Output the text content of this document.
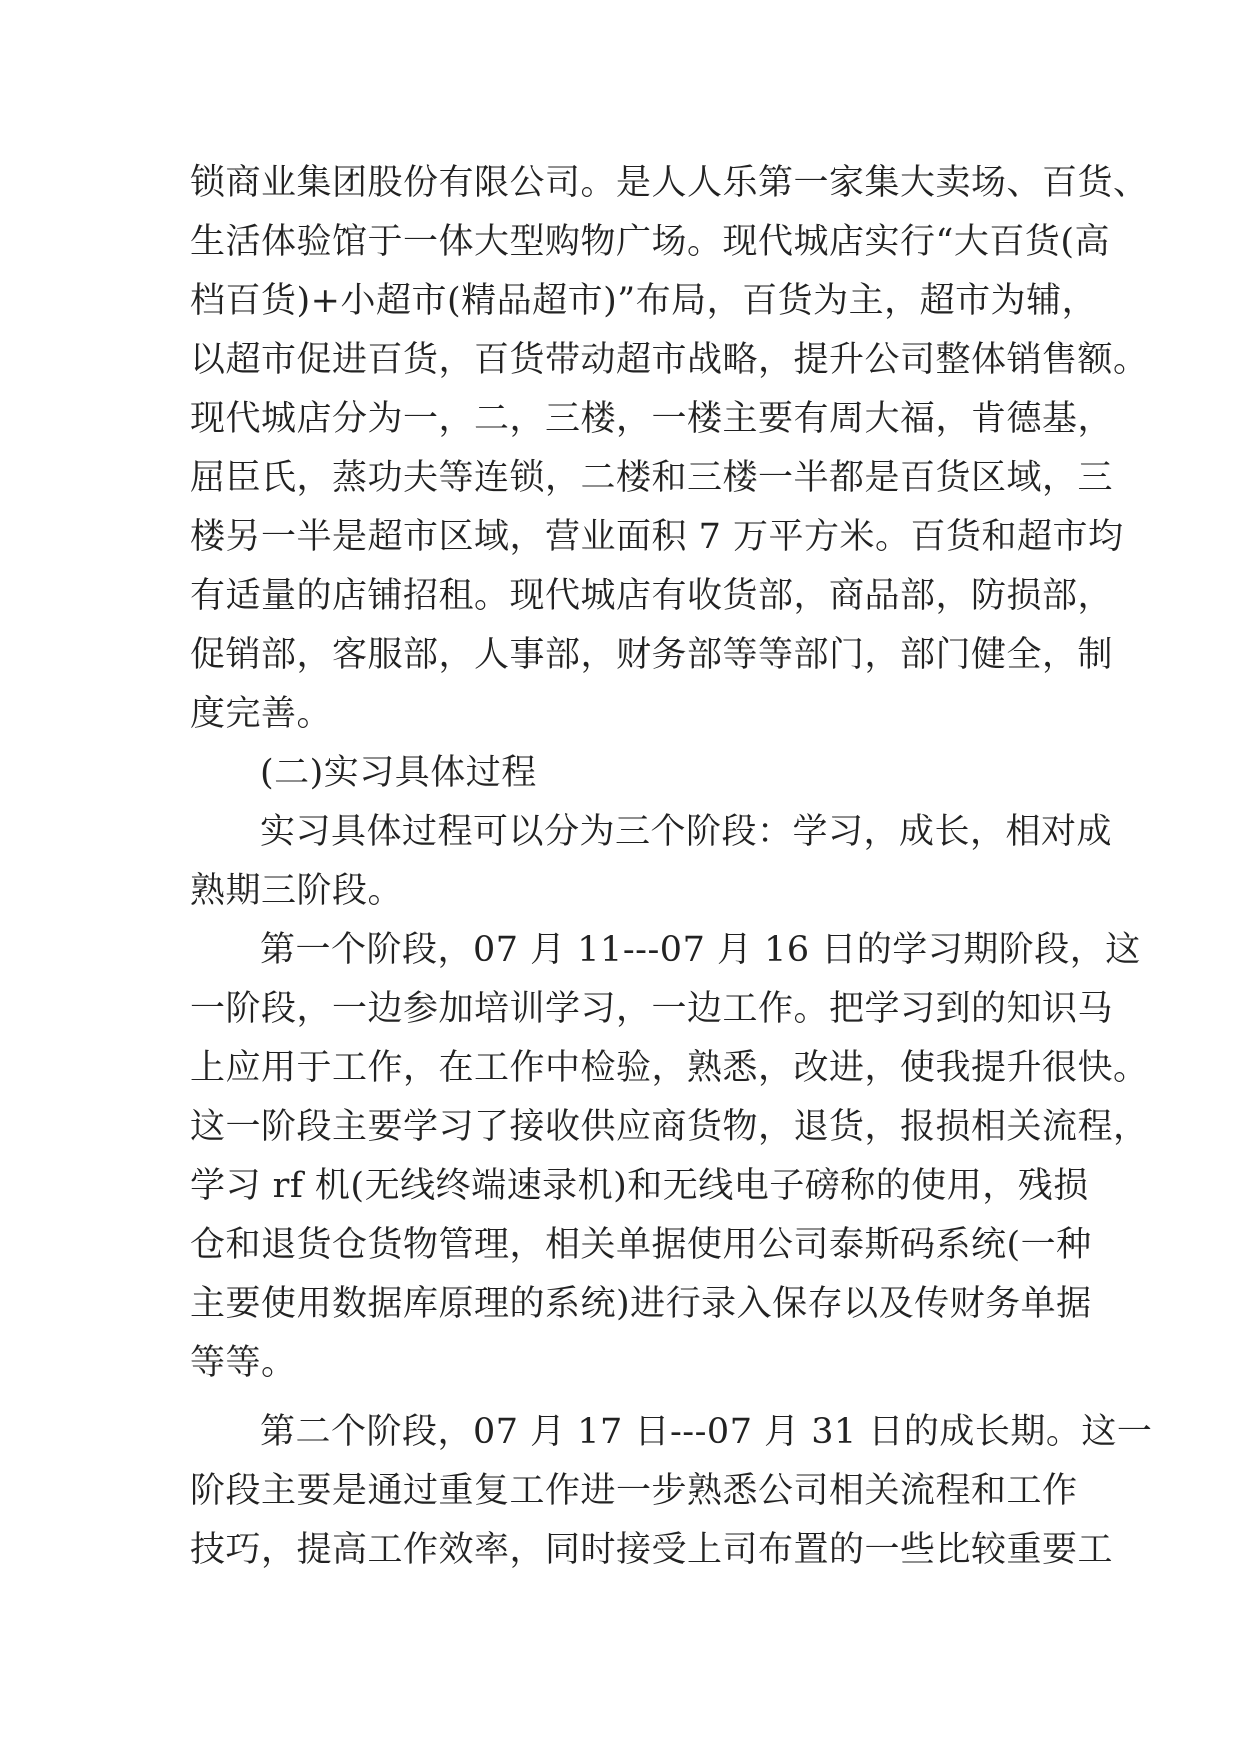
锁商业集团股份有限公司。是人人乐第一家集大卖场、百货、
生活体验馆于一体大型购物广场。现代城店实行“大百货(高
档百货)+小超市(精品超市)”布局，百货为主，超市为辅，
以超市促进百货，百货带动超市战略，提升公司整体销售额。
现代城店分为一，二，三楼，一楼主要有周大福，肯德基，
屈臣氏，蒸功夫等连锁，二楼和三楼一半都是百货区域，三
楼另一半是超市区域，营业面积 7 万平方米。百货和超市均
有适量的店铺招租。现代城店有收货部，商品部，防损部，
促销部，客服部，人事部，财务部等等部门，部门健全，制
度完善。
(二)实习具体过程
实习具体过程可以分为三个阶段：学习，成长，相对成
熟期三阶段。
第一个阶段，07 月 11---07 月 16 日的学习期阶段，这
一阶段，一边参加培训学习，一边工作。把学习到的知识马
上应用于工作，在工作中检验，熟悉，改进，使我提升很快。
这一阶段主要学习了接收供应商货物，退货，报损相关流程，
学习 rf 机(无线终端速录机)和无线电子磅称的使用，残损
仓和退货仓货物管理，相关单据使用公司泰斯码系统(一种
主要使用数据库原理的系统)进行录入保存以及传财务单据
等等。
第二个阶段，07 月 17 日---07 月 31 日的成长期。这一
阶段主要是通过重复工作进一步熟悉公司相关流程和工作
技巧，提高工作效率，同时接受上司布置的一些比较重要工
